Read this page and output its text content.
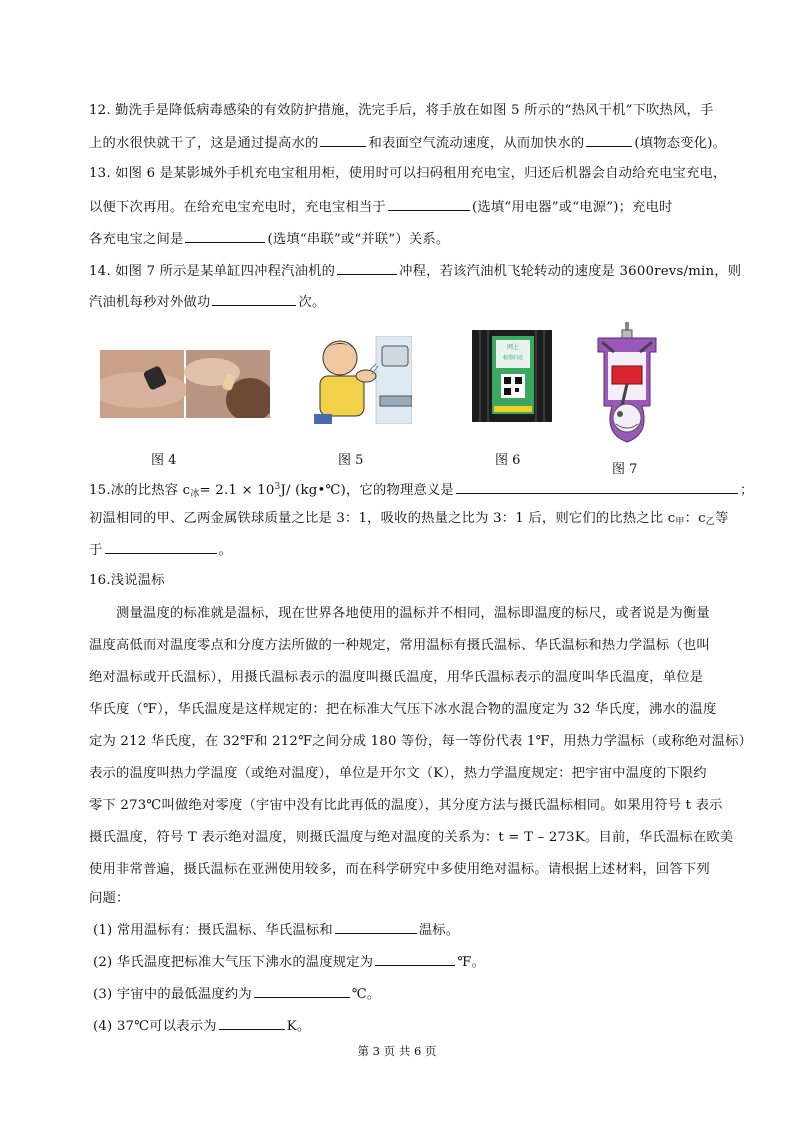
12. 勤洗手是降低病毒感染的有效防护措施，洗完手后，将手放在如图 5 所示的“热风干机”下吹热风，手
上的水很快就干了，这是通过提高水的	和表面空气流动速度，从而加快水的	(填物态变化)。
13. 如图 6 是某影城外手机充电宝租用柜，使用时可以扫码租用充电宝，归还后机器会自动给充电宝充电，
以便下次再用。在给充电宝充电时，充电宝相当于	(选填“用电器”或“电源”)；充电时
各充电宝之间是	(选填“串联”或“并联”）关系。
14. 如图 7 所示是某单缸四冲程汽油机的	冲程，若该汽油机飞轮转动的速度是 3600revs/min，则
汽油机每秒对外做功	次。
图 4	图 5
网上
租借归还
图 6
图 7
15.冰的比热容 $c_冰= 2.1 \times 10^3J/$ (kg•℃)，它的物理意义是	；
初温相同的甲、乙两金属铁球质量之比是 3：1，吸收的热量之比为 3：1 后，则它们的比热之比 $c_甲$：$c_乙$等
于	。
16.浅说温标
测量温度的标准就是温标，现在世界各地使用的温标并不相同，温标即温度的标尺，或者说是为衡量
温度高低而对温度零点和分度方法所做的一种规定，常用温标有摄氏温标、华氏温标和热力学温标（也叫
绝对温标或开氏温标），用摄氏温标表示的温度叫摄氏温度，用华氏温标表示的温度叫华氏温度，单位是
华氏度（℉），华氏温度是这样规定的：把在标准大气压下冰水混合物的温度定为 32 华氏度，沸水的温度
定为 212 华氏度，在 32℉和 212℉之间分成 180 等份，每一等份代表 1℉，用热力学温标（或称绝对温标）
表示的温度叫热力学温度（或绝对温度），单位是开尔文（K），热力学温度规定：把宇宙中温度的下限约
零下 273℃叫做绝对零度（宇宙中没有比此再低的温度），其分度方法与摄氏温标相同。如果用符号 t 表示
摄氏温度，符号 T 表示绝对温度，则摄氏温度与绝对温度的关系为：t = T – 273K。目前，华氏温标在欧美
使用非常普遍，摄氏温标在亚洲使用较多，而在科学研究中多使用绝对温标。请根据上述材料，回答下列
问题：
(1) 常用温标有：摄氏温标、华氏温标和	温标。
(2) 华氏温度把标准大气压下沸水的温度规定为	℉。
(3) 宇宙中的最低温度约为	℃。
(4) 37℃可以表示为	K。
第 3 页 共 6 页
